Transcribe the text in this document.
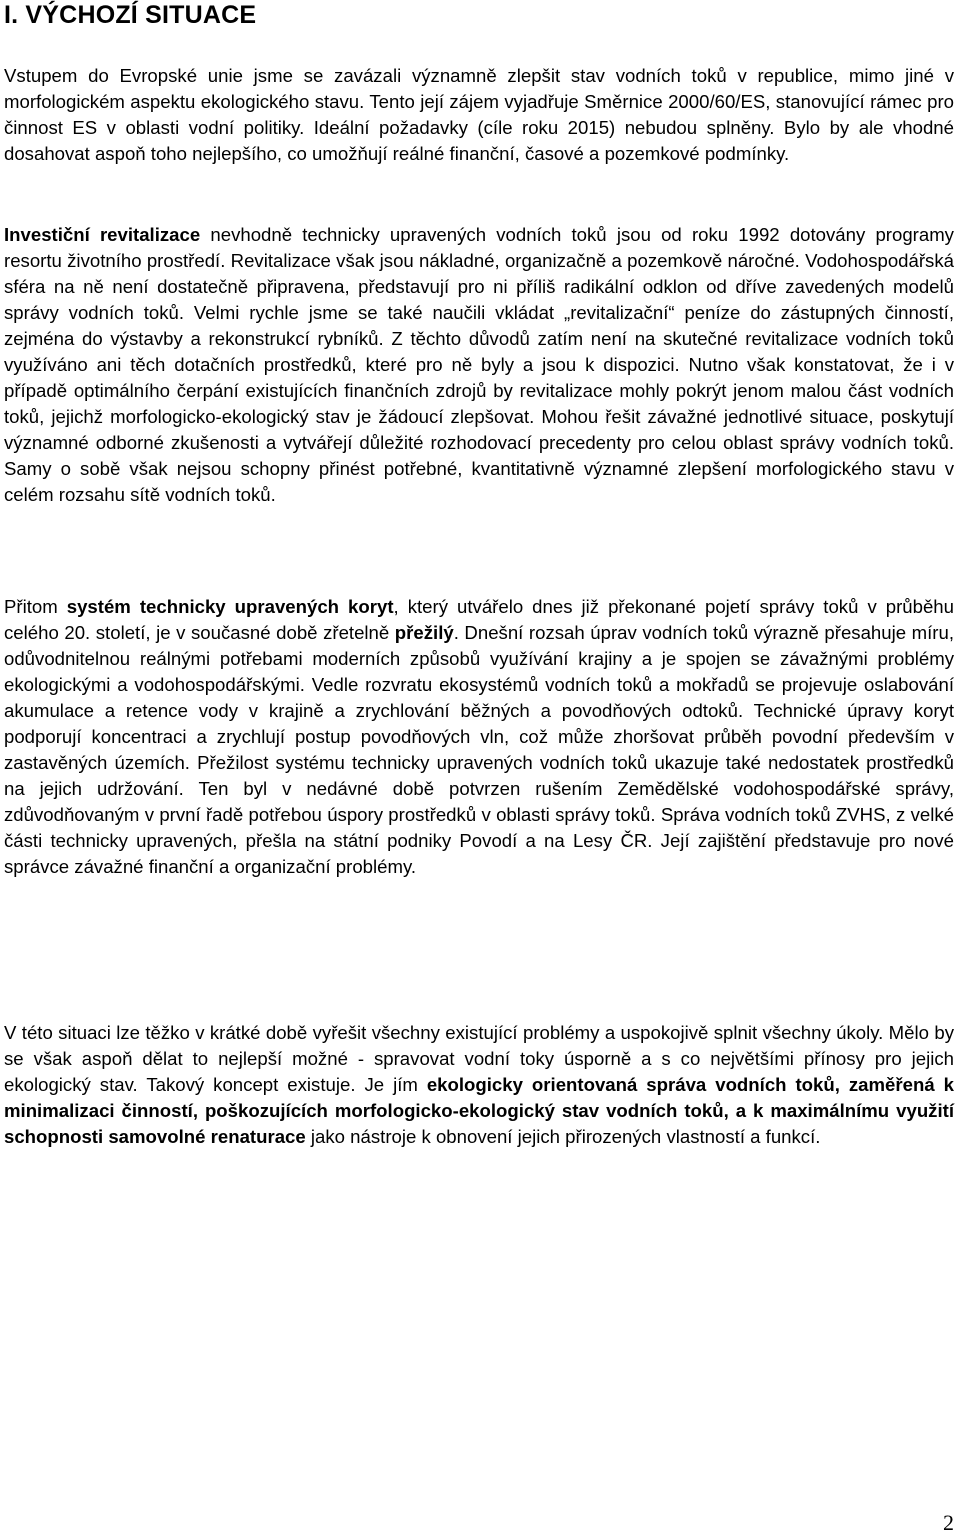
I. VÝCHOZÍ SITUACE

Vstupem do Evropské unie jsme se zavázali významně zlepšit stav vodních toků v republice, mimo jiné v morfologickém aspektu ekologického stavu. Tento její zájem vyjadřuje Směrnice 2000/60/ES, stanovující rámec pro činnost ES v oblasti vodní politiky. Ideální požadavky (cíle roku 2015) nebudou splněny. Bylo by ale vhodné dosahovat aspoň toho nejlepšího, co umožňují reálné finanční, časové a pozemkové podmínky.

Investiční revitalizace nevhodně technicky upravených vodních toků jsou od roku 1992 dotovány programy resortu životního prostředí. Revitalizace však jsou nákladné, organizačně a pozemkově náročné. Vodohospodářská sféra na ně není dostatečně připravena, představují pro ni příliš radikální odklon od dříve zavedených modelů správy vodních toků. Velmi rychle jsme se také naučili vkládat „revitalizační“ peníze do zástupných činností, zejména do výstavby a rekonstrukcí rybníků. Z těchto důvodů zatím není na skutečné revitalizace vodních toků využíváno ani těch dotačních prostředků, které pro ně byly a jsou k dispozici. Nutno však konstatovat, že i v případě optimálního čerpání existujících finančních zdrojů by revitalizace mohly pokrýt jenom malou část vodních toků, jejichž morfologicko-ekologický stav je žádoucí zlepšovat. Mohou řešit závažné jednotlivé situace, poskytují významné odborné zkušenosti a vytvářejí důležité rozhodovací precedenty pro celou oblast správy vodních toků. Samy o sobě však nejsou schopny přinést potřebné, kvantitativně významné zlepšení morfologického stavu v celém rozsahu sítě vodních toků.

Přitom systém technicky upravených koryt, který utvářelo dnes již překonané pojetí správy toků v průběhu celého 20. století, je v současné době zřetelně přežilý. Dnešní rozsah úprav vodních toků výrazně přesahuje míru, odůvodnitelnou reálnými potřebami moderních způsobů využívání krajiny a je spojen se závažnými problémy ekologickými a vodohospodářskými. Vedle rozvratu ekosystémů vodních toků a mokřadů se projevuje oslabování akumulace a retence vody v krajině a zrychlování běžných a povodňových odtoků. Technické úpravy koryt podporují koncentraci a zrychlují postup povodňových vln, což může zhoršovat průběh povodní především v zastavěných územích. Přežilost systému technicky upravených vodních toků ukazuje také nedostatek prostředků na jejich udržování. Ten byl v nedávné době potvrzen rušením Zemědělské vodohospodářské správy, zdůvodňovaným v první řadě potřebou úspory prostředků v oblasti správy toků. Správa vodních toků ZVHS, z velké části technicky upravených, přešla na státní podniky Povodí a na Lesy ČR. Její zajištění představuje pro nové správce závažné finanční a organizační problémy.

V této situaci lze těžko v krátké době vyřešit všechny existující problémy a uspokojivě splnit všechny úkoly. Mělo by se však aspoň dělat to nejlepší možné - spravovat vodní toky úsporně a s co největšími přínosy pro jejich ekologický stav. Takový koncept existuje. Je jím ekologicky orientovaná správa vodních toků, zaměřená k minimalizaci činností, poškozujících morfologicko-ekologický stav vodních toků, a k maximálnímu využití schopnosti samovolné renaturace jako nástroje k obnovení jejich přirozených vlastností a funkcí.

2
